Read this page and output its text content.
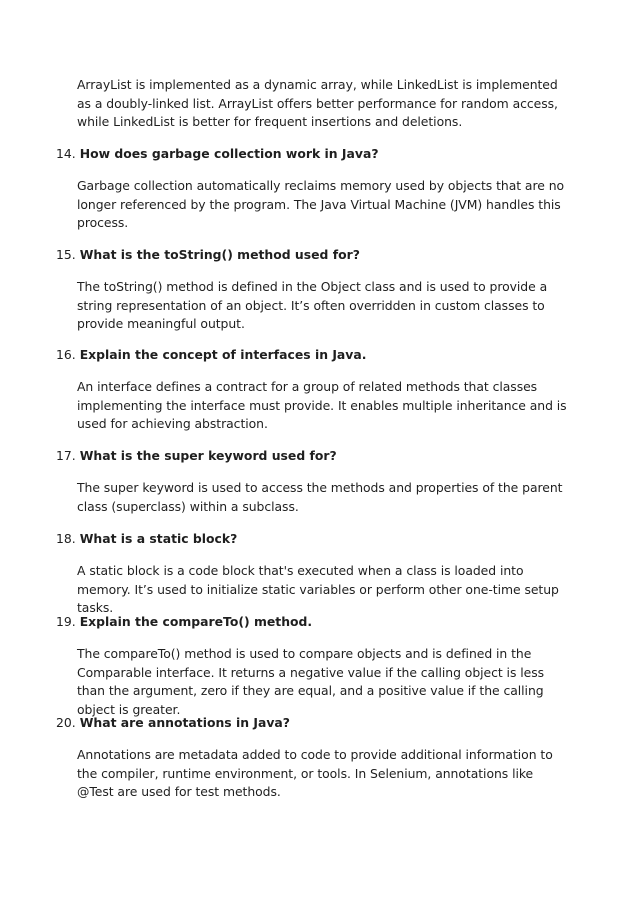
ArrayList is implemented as a dynamic array, while LinkedList is implemented as a doubly-linked list. ArrayList offers better performance for random access, while LinkedList is better for frequent insertions and deletions.

14. How does garbage collection work in Java?

Garbage collection automatically reclaims memory used by objects that are no longer referenced by the program. The Java Virtual Machine (JVM) handles this process.

15. What is the toString() method used for?

The toString() method is defined in the Object class and is used to provide a string representation of an object. It’s often overridden in custom classes to provide meaningful output.

16. Explain the concept of interfaces in Java.

An interface defines a contract for a group of related methods that classes implementing the interface must provide. It enables multiple inheritance and is used for achieving abstraction.

17. What is the super keyword used for?

The super keyword is used to access the methods and properties of the parent class (superclass) within a subclass.

18. What is a static block?

A static block is a code block that's executed when a class is loaded into memory. It’s used to initialize static variables or perform other one-time setup tasks.

19. Explain the compareTo() method.

The compareTo() method is used to compare objects and is defined in the Comparable interface. It returns a negative value if the calling object is less than the argument, zero if they are equal, and a positive value if the calling object is greater.

20. What are annotations in Java?

Annotations are metadata added to code to provide additional information to the compiler, runtime environment, or tools. In Selenium, annotations like @Test are used for test methods.
